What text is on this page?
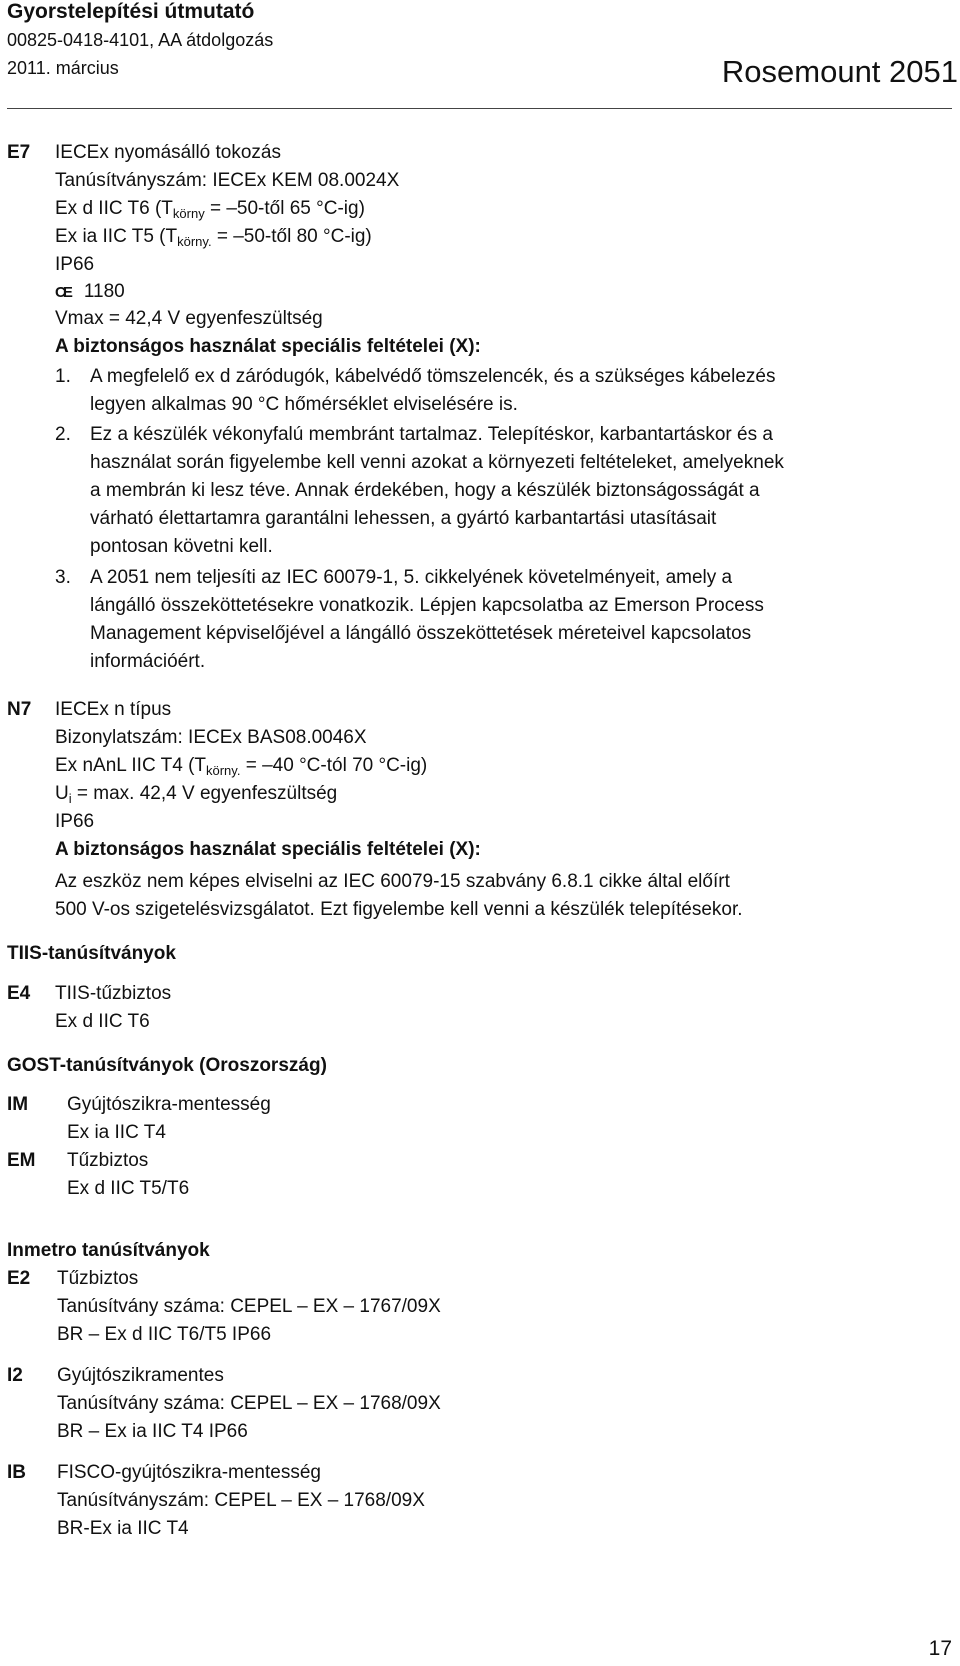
Gyorstelepítési útmutató
00825-0418-4101, AA átdolgozás
2011. március	Rosemount 2051
E7 IECEx nyomásálló tokozás
Tanúsítványszám: IECEx KEM 08.0024X
Ex d IIC T6 ($T_{körny}$ = –50-től 65 °C-ig)
Ex ia IIC T5 ($T_{körny.}$ = –50-től 80 °C-ig)
IP66
CE 1180
Vmax = 42,4 V egyenfeszültség
A biztonságos használat speciális feltételei (X):
1. A megfelelő ex d záródugók, kábelvédő tömszelencék, és a szükséges kábelezés
legyen alkalmas 90 °C hőmérséklet elviselésére is.
2. Ez a készülék vékonyfalú membránt tartalmaz. Telepítéskor, karbantartáskor és a
használat során figyelembe kell venni azokat a környezeti feltételeket, amelyeknek
a membrán ki lesz téve. Annak érdekében, hogy a készülék biztonságosságát a
várható élettartamra garantálni lehessen, a gyártó karbantartási utasításait
pontosan követni kell.
3. A 2051 nem teljesíti az IEC 60079-1, 5. cikkelyének követelményeit, amely a
lángálló összeköttetésekre vonatkozik. Lépjen kapcsolatba az Emerson Process
Management képviselőjével a lángálló összeköttetések méreteivel kapcsolatos
információért.
N7 IECEx n típus
Bizonylatszám: IECEx BAS08.0046X
Ex nAnL IIC T4 ($T_{körny.} = -40$ °C-tól 70 °C-ig)
$U_i = \max$. 42,4 V egyenfeszültség
IP66
A biztonságos használat speciális feltételei (X):
Az eszköz nem képes elviselni az IEC 60079-15 szabvány 6.8.1 cikke által előírt
500 V-os szigetelésvizsgálatot. Ezt figyelembe kell venni a készülék telepítésekor.
TIIS-tanúsítványok
E4 TIIS-tűzbiztos
Ex d IIC T6
GOST-tanúsítványok (Oroszország)
IM Gyújtószikra-mentesség
Ex ia IIC T4
EM Tűzbiztos
Ex d IIC T5/T6
Inmetro tanúsítványok
E2 Tűzbiztos
Tanúsítvány száma: CEPEL – EX – 1767/09X
BR – Ex d IIC T6/T5 IP66
I2 Gyújtószikramentes
Tanúsítvány száma: CEPEL – EX – 1768/09X
BR – Ex ia IIC T4 IP66
IB FISCO-gyújtószikra-mentesség
Tanúsítványszám: CEPEL – EX – 1768/09X
BR-Ex ia IIC T4
17
